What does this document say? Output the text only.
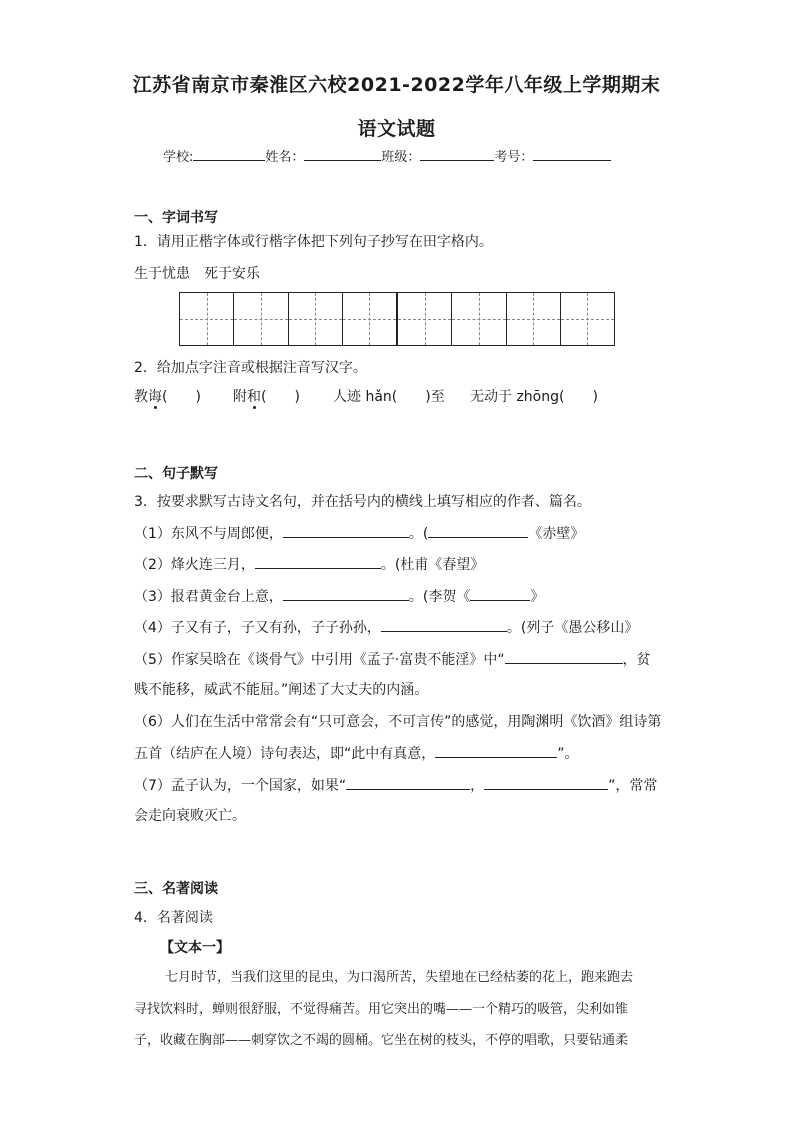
江苏省南京市秦淮区六校2021-2022学年八年级上学期期末
语文试题
学校:	姓名：	班级：	考号：
一、字词书写
1．请用正楷字体或行楷字体把下列句子抄写在田字格内。
生于忧患　死于安乐
2．给加点字注音或根据注音写汉字。
教诲(　　) 附和(　　) 人迹 hǎn(　　)至 无动于 zhōng(　　)
二、句子默写
3．按要求默写古诗文名句，并在括号内的横线上填写相应的作者、篇名。
（1）东风不与周郎便，	。(	《赤壁》
（2）烽火连三月，	。(杜甫《春望》
（3）报君黄金台上意，	。(李贺《	》
（4）子又有子，子又有孙，子子孙孙，	。(列子《愚公移山》
（5）作家吴晗在《谈骨气》中引用《孟子·富贵不能淫》中“	，贫
贱不能移，威武不能屈。”阐述了大丈夫的内涵。
（6）人们在生活中常常会有“只可意会，不可言传”的感觉，用陶渊明《饮酒》组诗第
五首（结庐在人境）诗句表达，即“此中有真意，	”。
（7）孟子认为，一个国家，如果“	，	”，常常
会走向衰败灭亡。
三、名著阅读
4．名著阅读
【文本一】
七月时节，当我们这里的昆虫，为口渴所苦，失望地在已经枯萎的花上，跑来跑去
寻找饮料时，蝉则很舒服，不觉得痛苦。用它突出的嘴——一个精巧的吸管，尖利如锥
子，收藏在胸部——刺穿饮之不竭的圆桶。它坐在树的枝头，不停的唱歌，只要钻通柔
